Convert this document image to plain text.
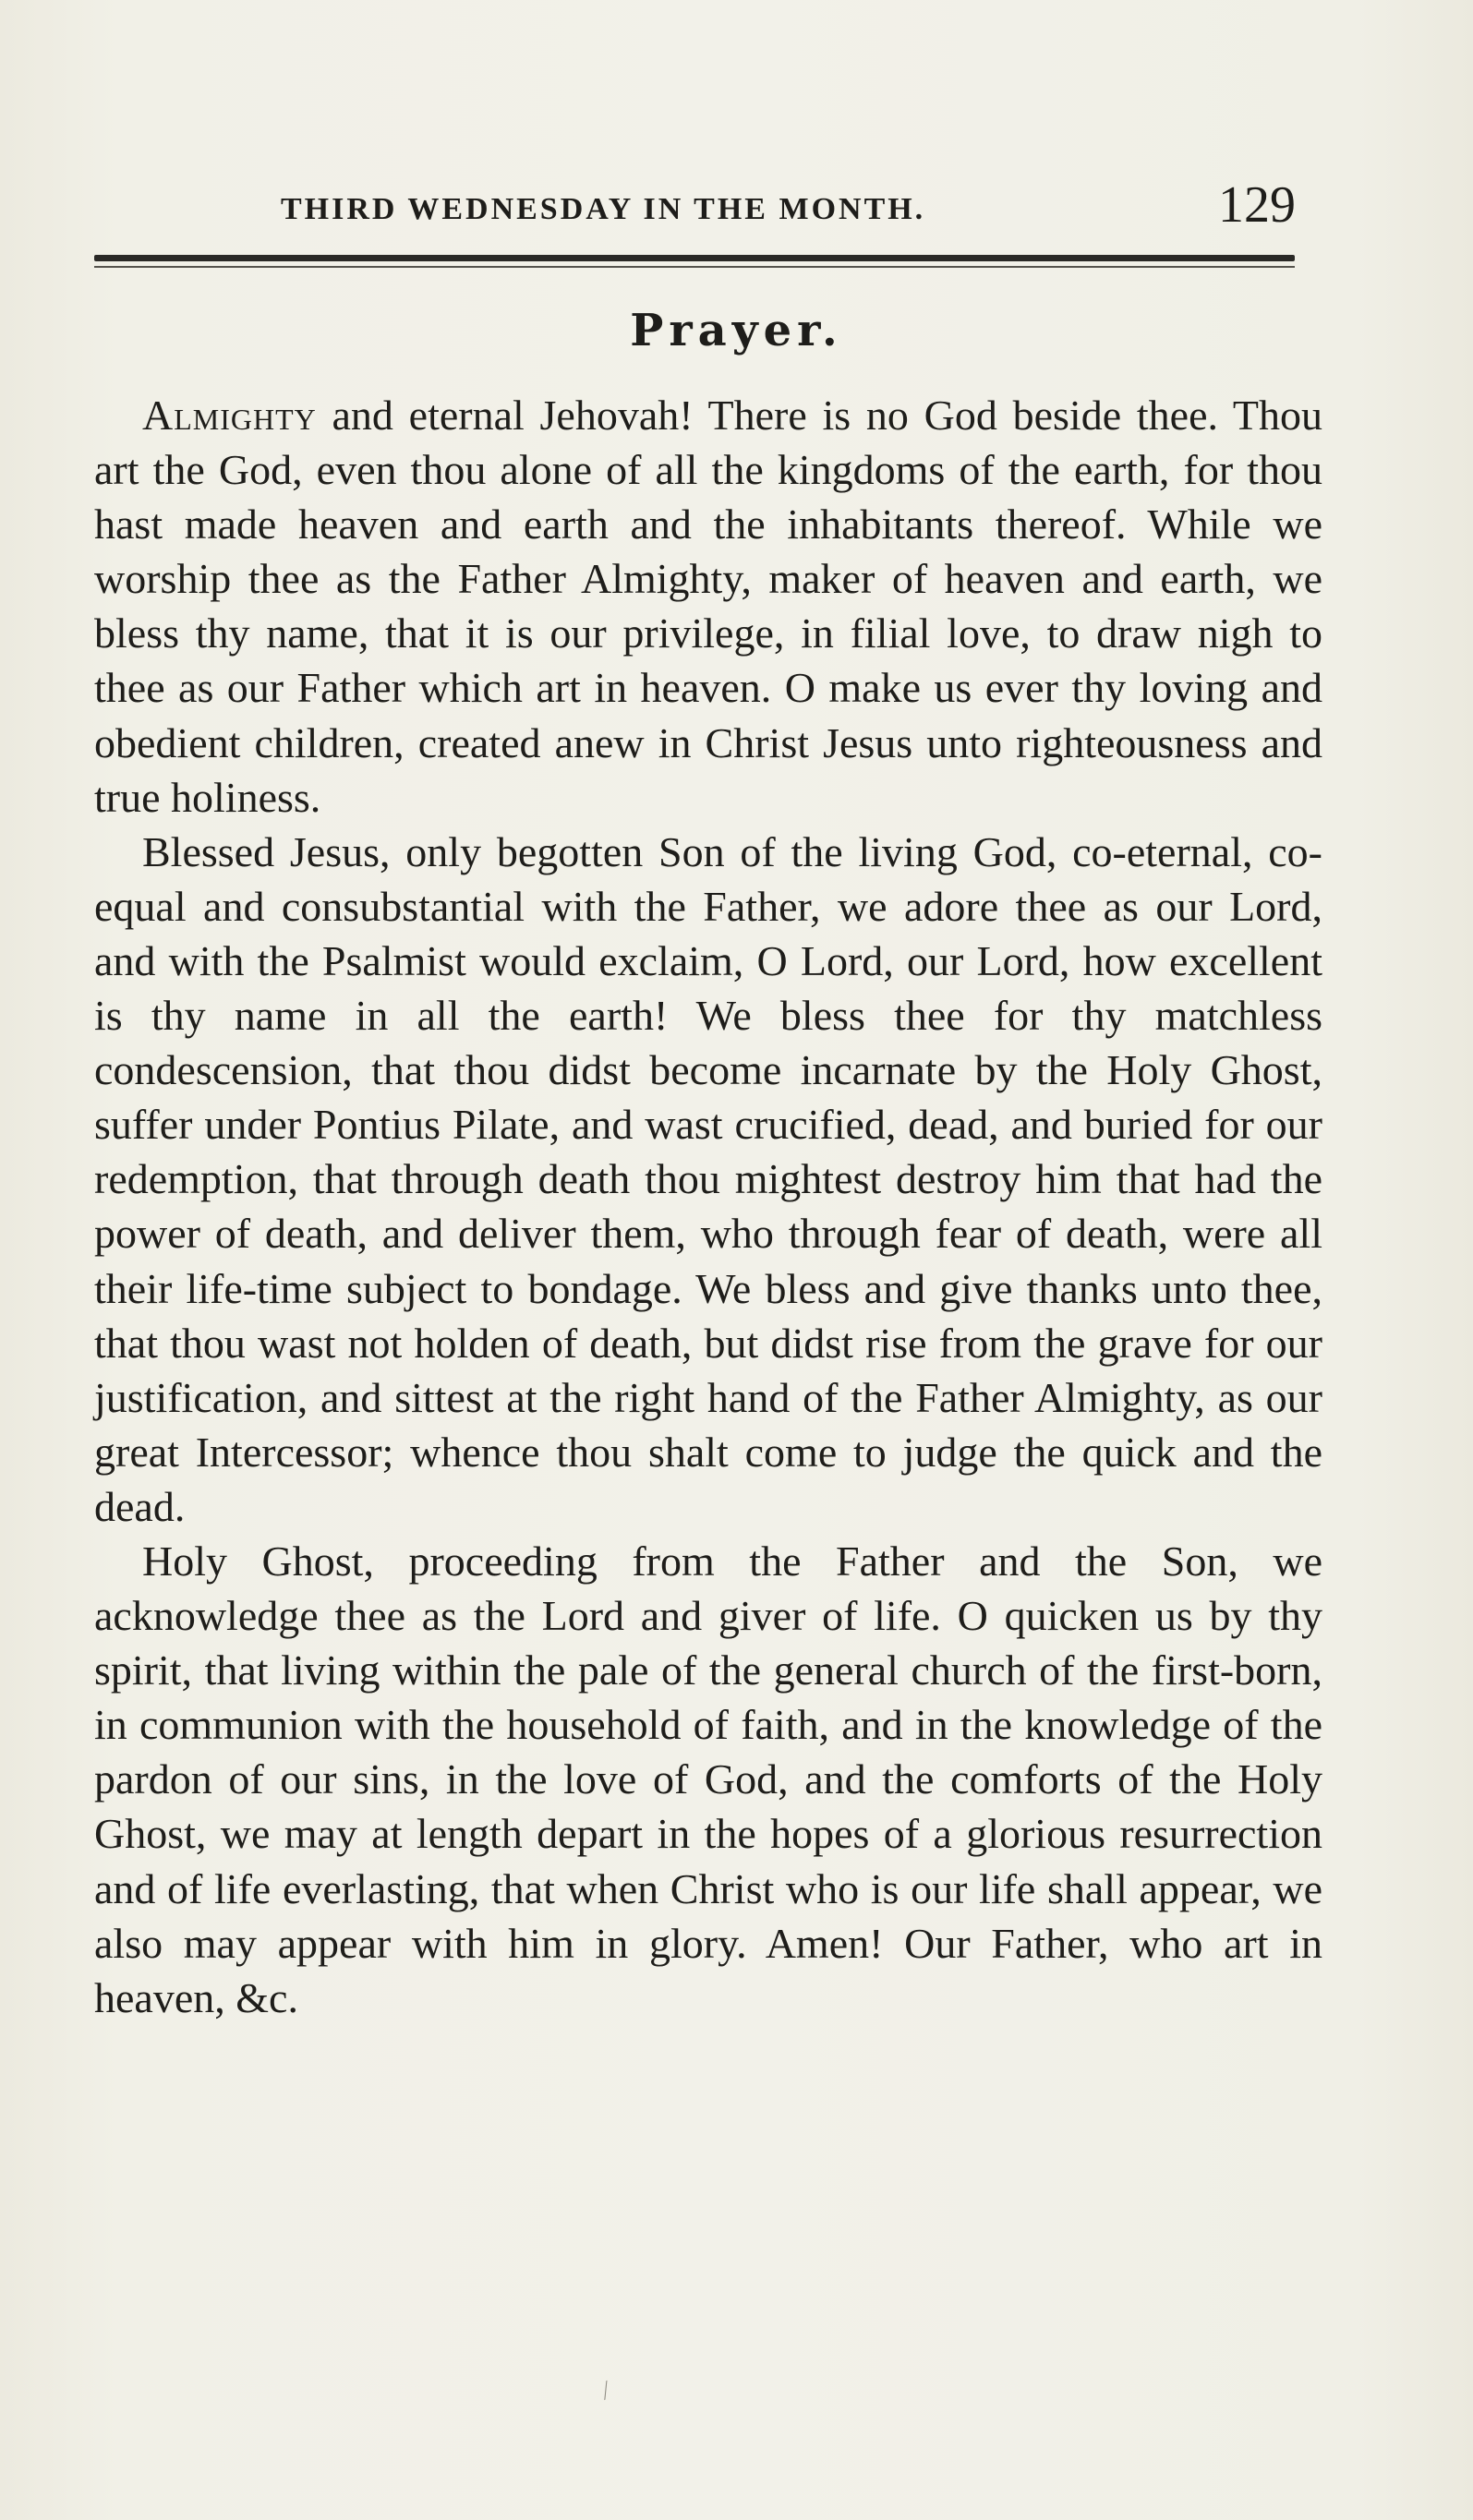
THIRD WEDNESDAY IN THE MONTH.	129
Prayer.

Almighty and eternal Jehovah! There is no God beside thee. Thou art the God, even thou alone of all the kingdoms of the earth, for thou hast made heaven and earth and the inhabitants thereof. While we worship thee as the Father Almighty, maker of heaven and earth, we bless thy name, that it is our privilege, in filial love, to draw nigh to thee as our Father which art in heaven. O make us ever thy loving and obedient children, created anew in Christ Jesus unto righteousness and true holiness.

Blessed Jesus, only begotten Son of the living God, co-eternal, co-equal and consubstantial with the Father, we adore thee as our Lord, and with the Psalmist would exclaim, O Lord, our Lord, how excellent is thy name in all the earth! We bless thee for thy matchless condescension, that thou didst become incarnate by the Holy Ghost, suffer under Pontius Pilate, and wast crucified, dead, and buried for our redemption, that through death thou mightest destroy him that had the power of death, and deliver them, who through fear of death, were all their life-time subject to bondage. We bless and give thanks unto thee, that thou wast not holden of death, but didst rise from the grave for our justification, and sittest at the right hand of the Father Almighty, as our great Intercessor; whence thou shalt come to judge the quick and the dead.

Holy Ghost, proceeding from the Father and the Son, we acknowledge thee as the Lord and giver of life. O quicken us by thy spirit, that living within the pale of the general church of the first-born, in communion with the household of faith, and in the knowledge of the pardon of our sins, in the love of God, and the comforts of the Holy Ghost, we may at length depart in the hopes of a glorious resurrection and of life everlasting, that when Christ who is our life shall appear, we also may appear with him in glory. Amen! Our Father, who art in heaven, &c.

⁄
